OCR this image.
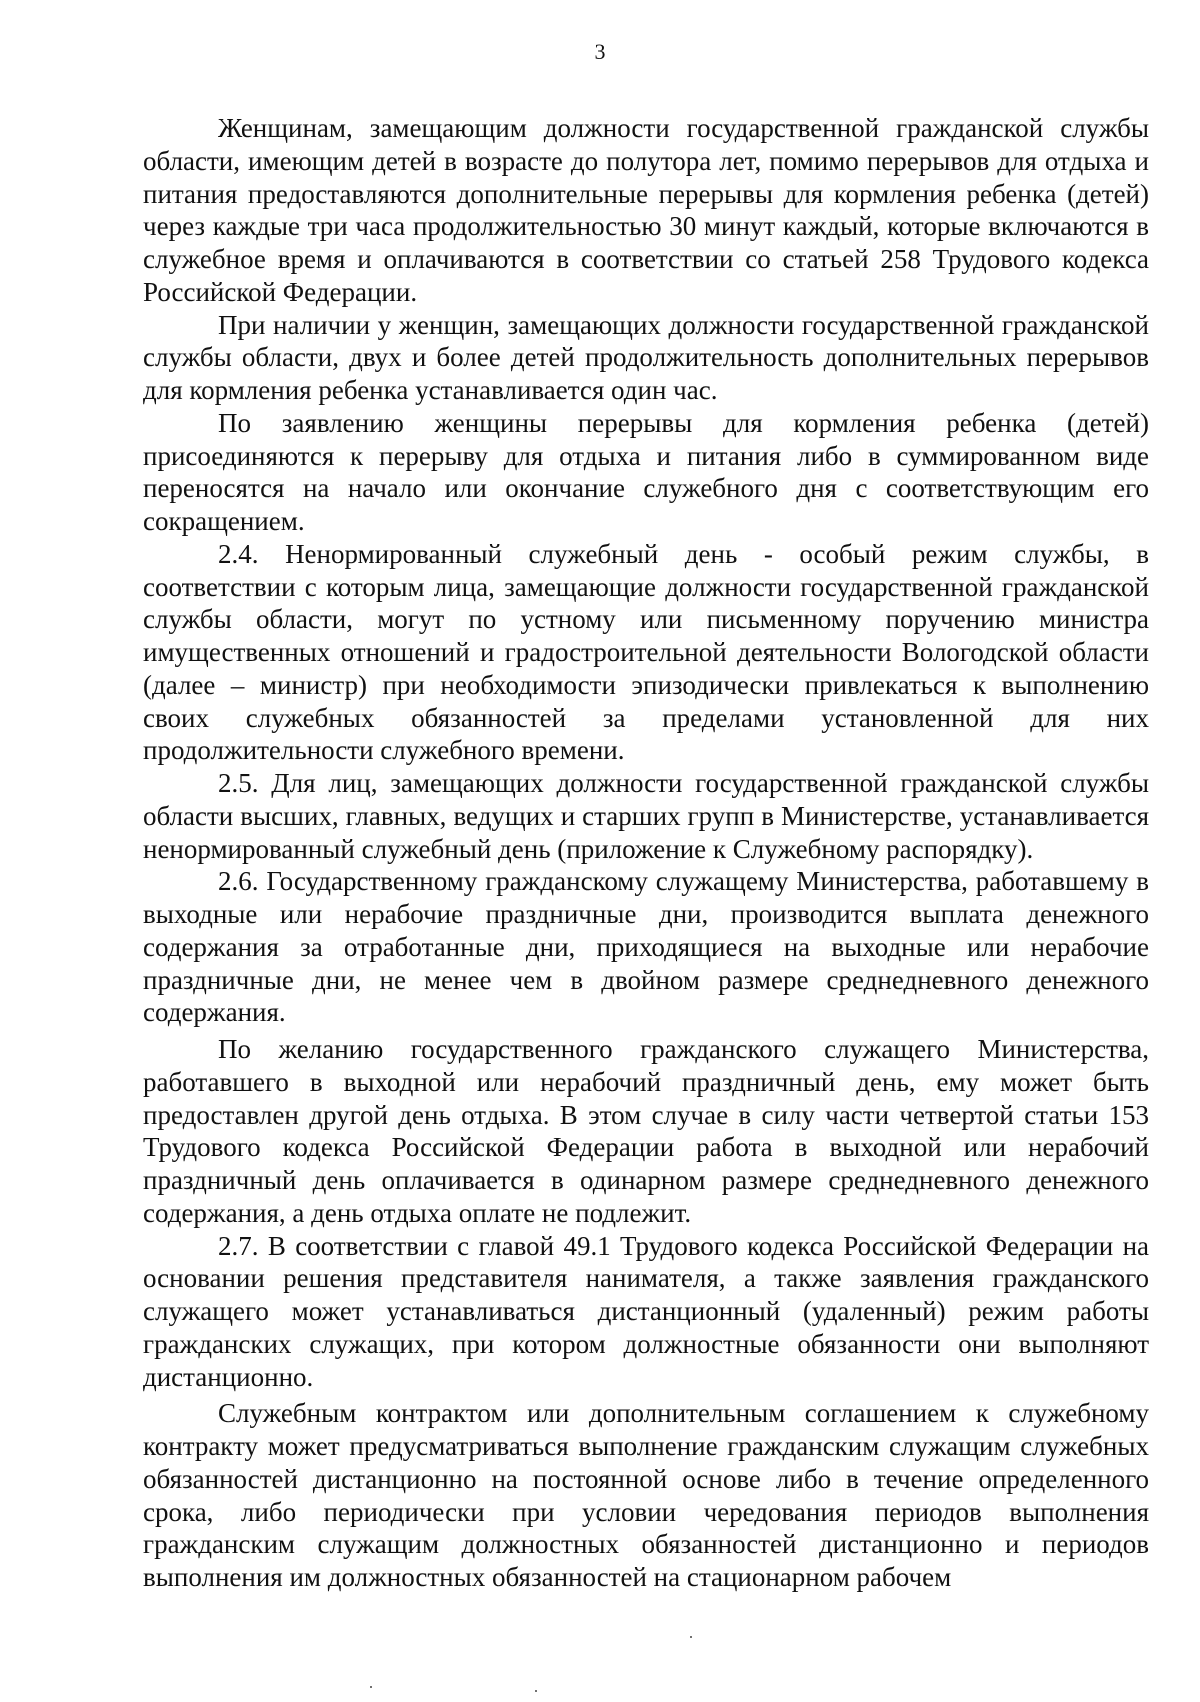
3

Женщинам, замещающим должности государственной гражданской службы области, имеющим детей в возрасте до полутора лет, помимо перерывов для отдыха и питания предоставляются дополнительные перерывы для кормления ребенка (детей) через каждые три часа продолжительностью 30 минут каждый, которые включаются в служебное время и оплачиваются в соответствии со статьей 258 Трудового кодекса Российской Федерации.

При наличии у женщин, замещающих должности государственной гражданской службы области, двух и более детей продолжительность дополнительных перерывов для кормления ребенка устанавливается один час.

По заявлению женщины перерывы для кормления ребенка (детей) присоединяются к перерыву для отдыха и питания либо в суммированном виде переносятся на начало или окончание служебного дня с соответствующим его сокращением.

2.4. Ненормированный служебный день - особый режим службы, в соответствии с которым лица, замещающие должности государственной гражданской службы области, могут по устному или письменному поручению министра имущественных отношений и градостроительной деятельности Вологодской области (далее – министр) при необходимости эпизодически привлекаться к выполнению своих служебных обязанностей за пределами установленной для них продолжительности служебного времени.

2.5. Для лиц, замещающих должности государственной гражданской службы области высших, главных, ведущих и старших групп в Министерстве, устанавливается ненормированный служебный день (приложение к Служебному распорядку).

2.6. Государственному гражданскому служащему Министерства, работавшему в выходные или нерабочие праздничные дни, производится выплата денежного содержания за отработанные дни, приходящиеся на выходные или нерабочие праздничные дни, не менее чем в двойном размере среднедневного денежного содержания.

По желанию государственного гражданского служащего Министерства, работавшего в выходной или нерабочий праздничный день, ему может быть предоставлен другой день отдыха. В этом случае в силу части четвертой статьи 153 Трудового кодекса Российской Федерации работа в выходной или нерабочий праздничный день оплачивается в одинарном размере среднедневного денежного содержания, а день отдыха оплате не подлежит.

2.7. В соответствии с главой 49.1 Трудового кодекса Российской Федерации на основании решения представителя нанимателя, а также заявления гражданского служащего может устанавливаться дистанционный (удаленный) режим работы гражданских служащих, при котором должностные обязанности они выполняют дистанционно.

Служебным контрактом или дополнительным соглашением к служебному контракту может предусматриваться выполнение гражданским служащим служебных обязанностей дистанционно на постоянной основе либо в течение определенного срока, либо периодически при условии чередования периодов выполнения гражданским служащим должностных обязанностей дистанционно и периодов выполнения им должностных обязанностей на стационарном рабочем
